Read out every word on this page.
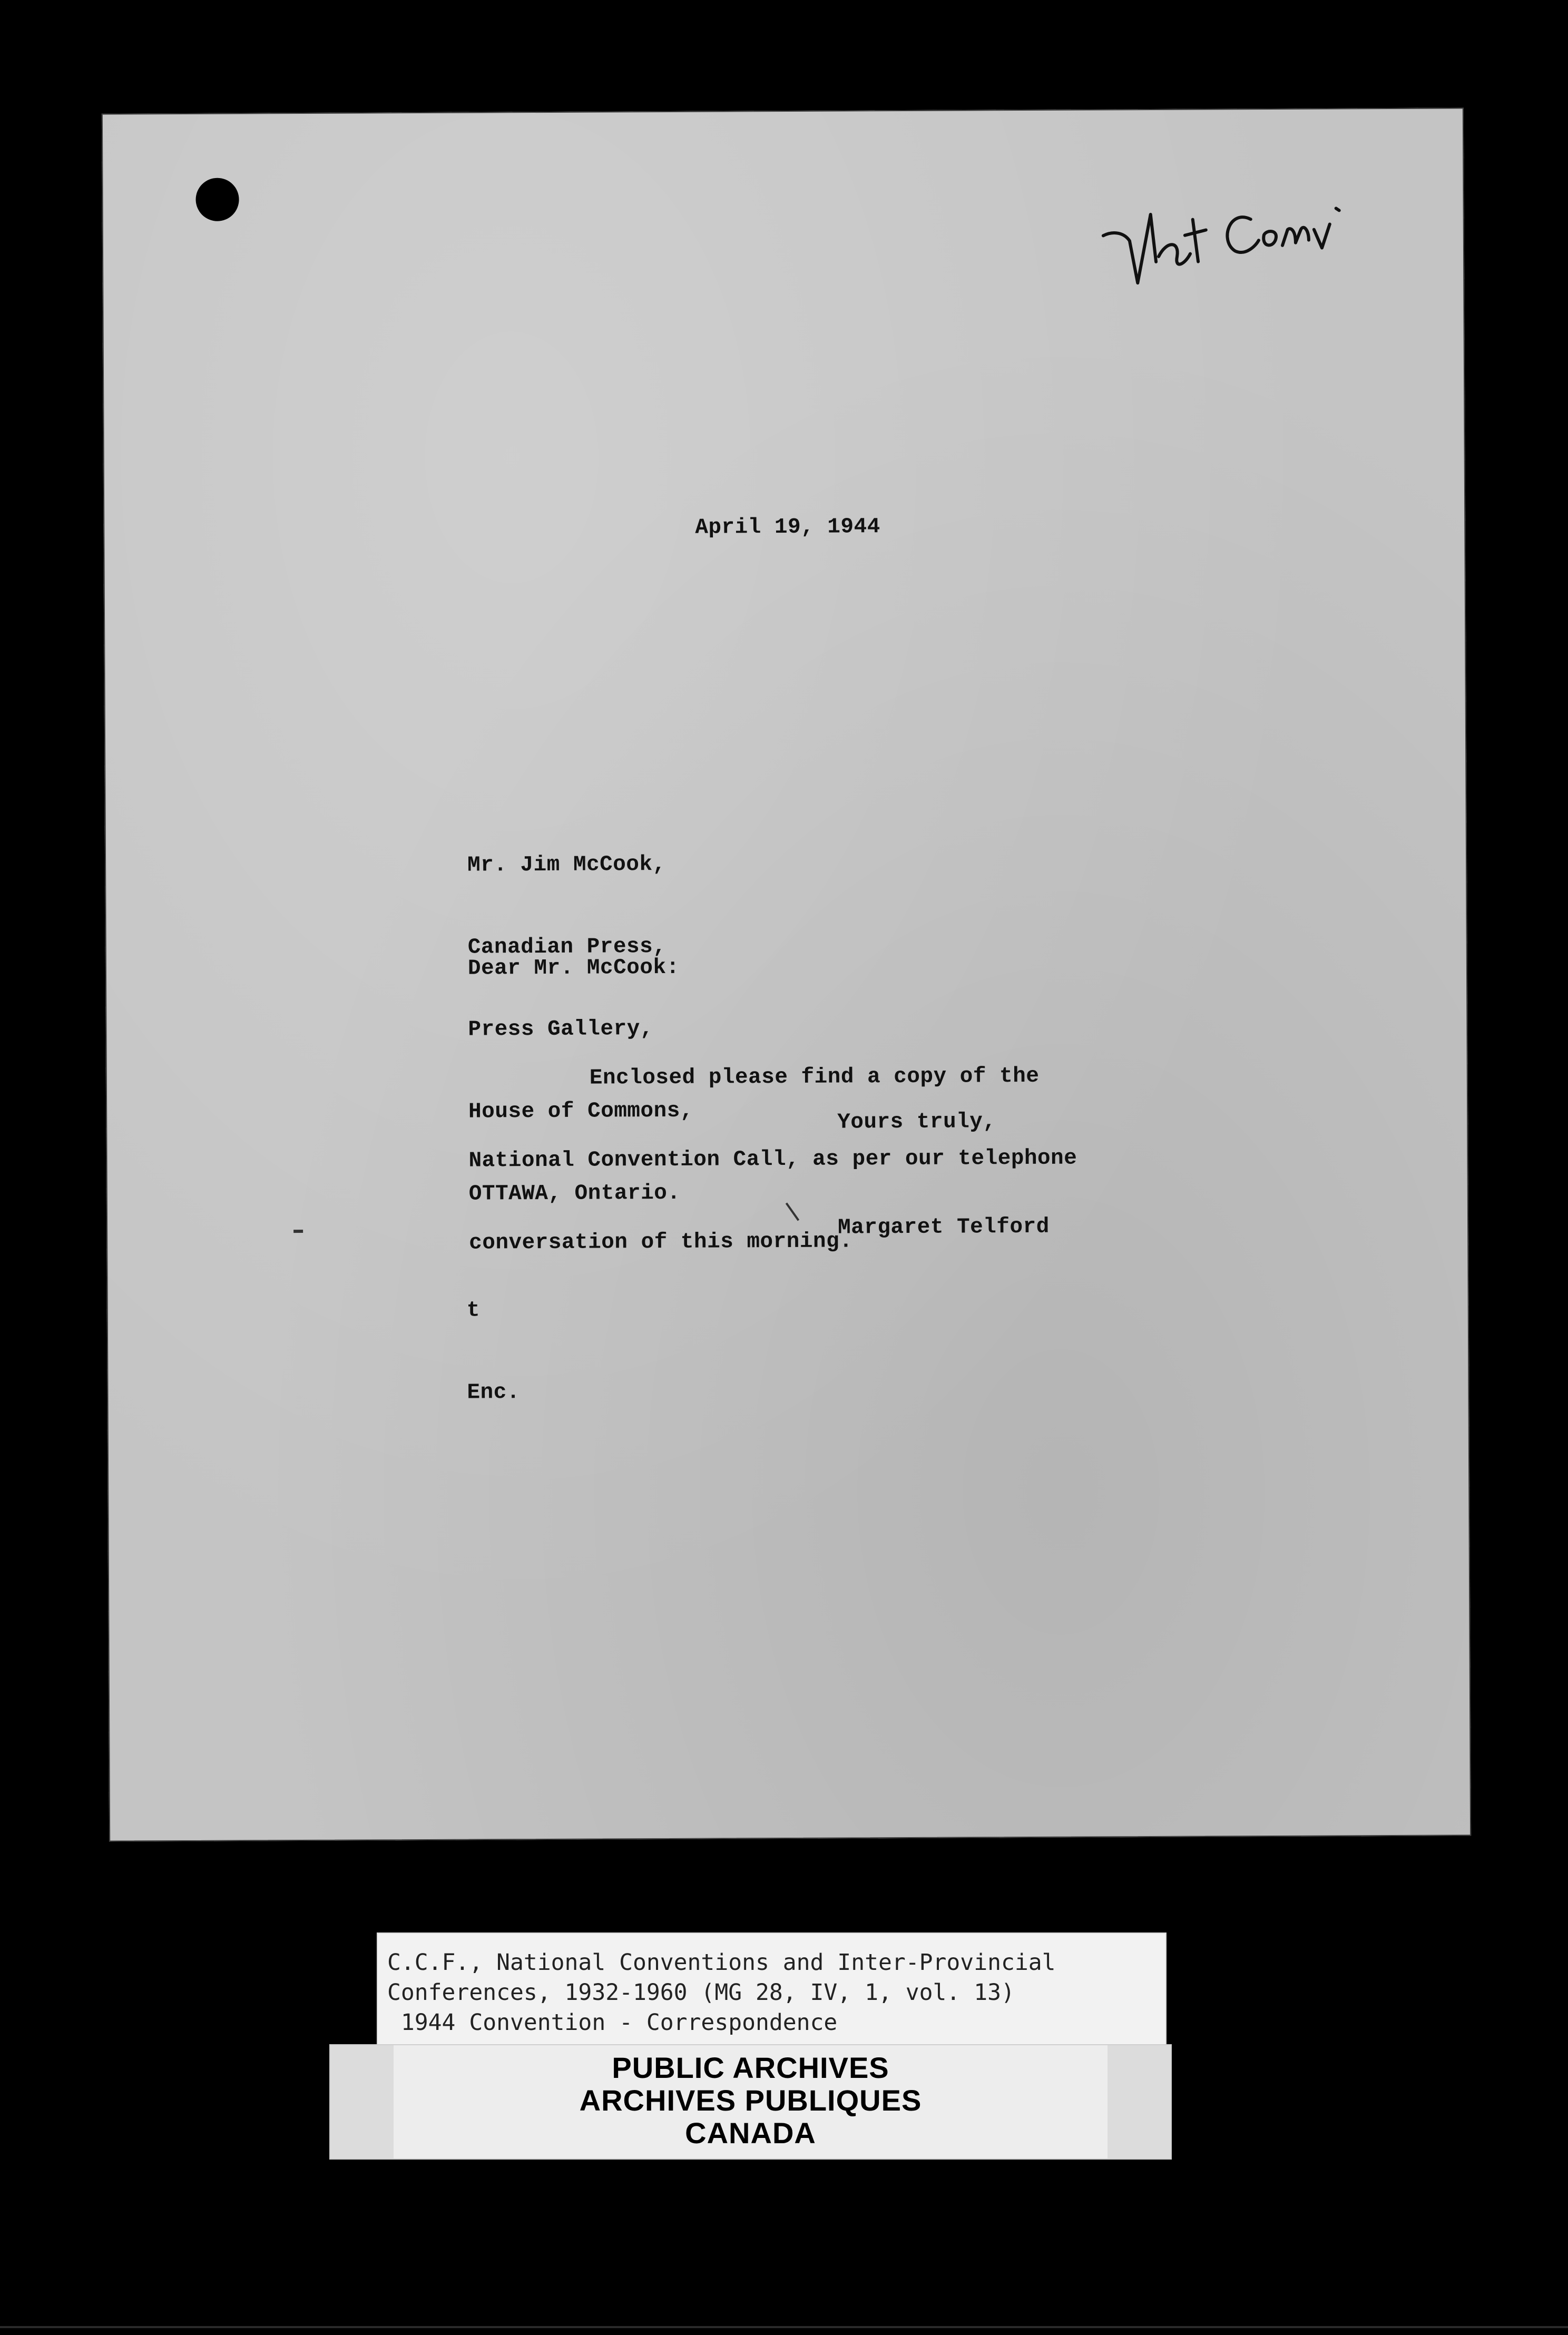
April 19, 1944

Mr. Jim McCook,

Canadian Press,

Press Gallery,

House of Commons,

OTTAWA, Ontario.

Dear Mr. McCook:

Enclosed please find a copy of the

National Convention Call, as per our telephone

conversation of this morning.

Yours truly,
Margaret Telford

t

Enc.

C.C.F., National Conventions and Inter-Provincial
Conferences, 1932-1960 (MG 28, IV, 1, vol. 13)
1944 Convention - Correspondence
PUBLIC ARCHIVES
ARCHIVES PUBLIQUES
CANADA
